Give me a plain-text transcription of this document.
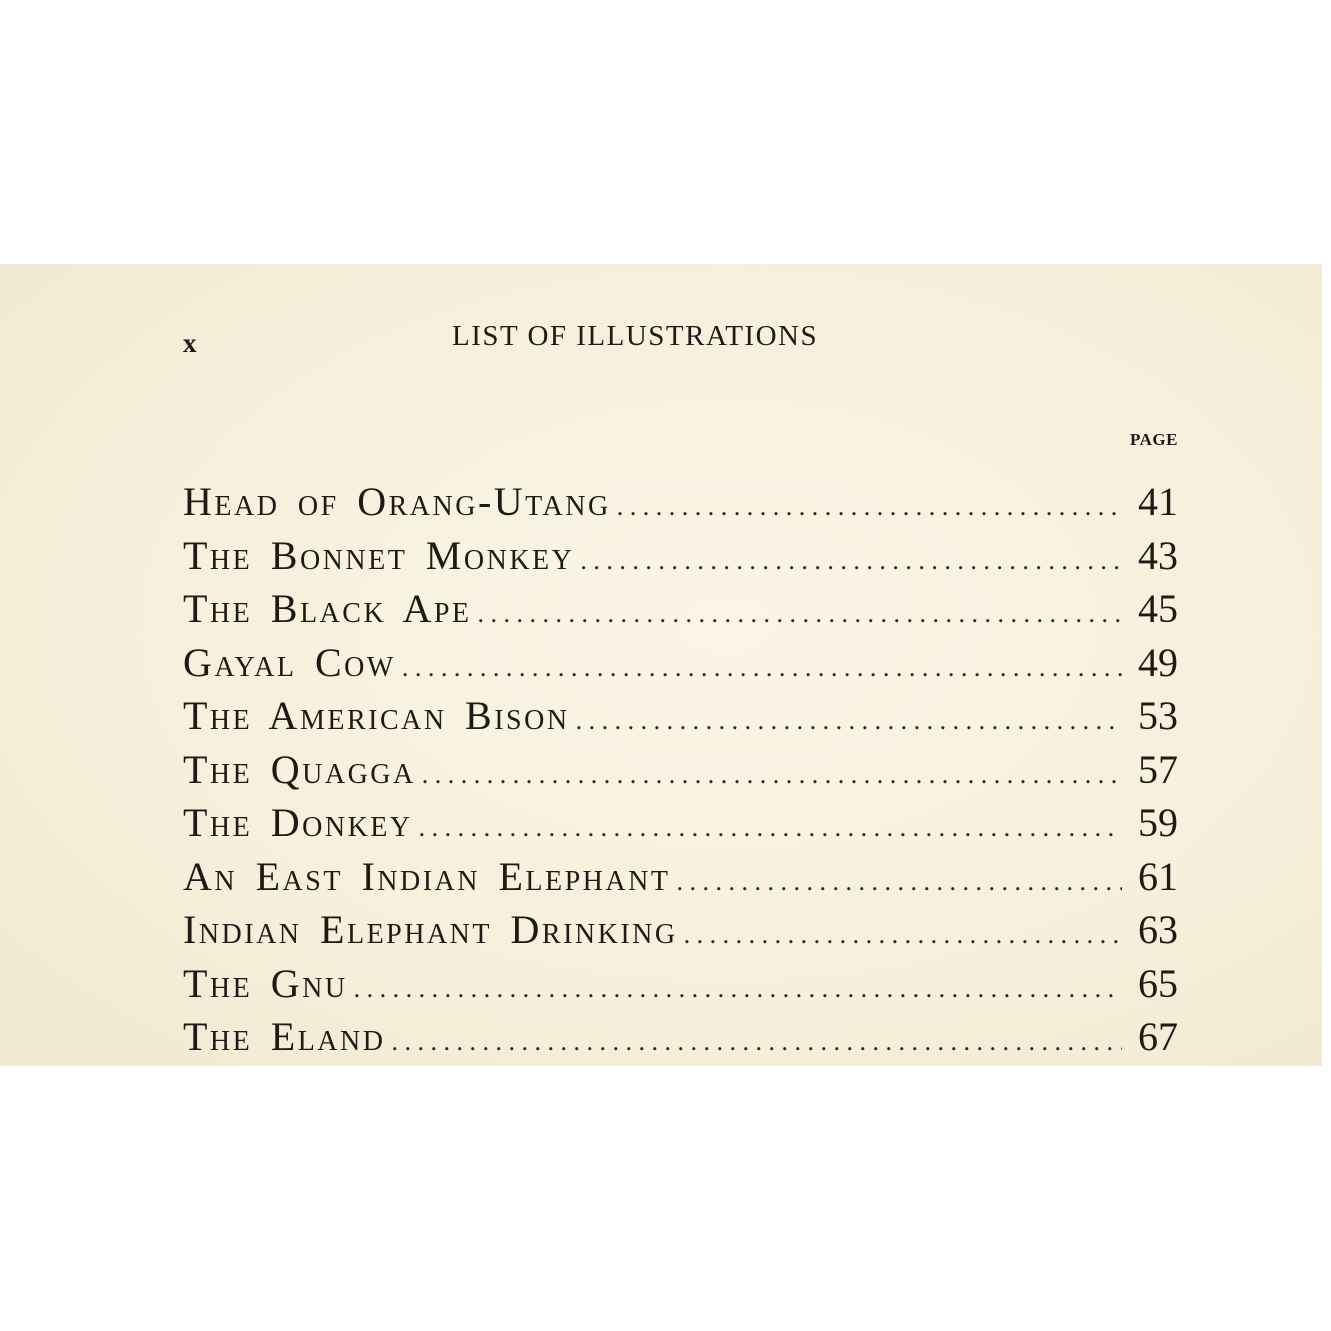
x	LIST OF ILLUSTRATIONS
PAGE
Head of Orang-Utang . . .	41
The Bonnet Monkey . . .	43
The Black Ape . . .	45
Gayal Cow . . .	49
The American Bison . . .	53
The Quagga . . .	57
The Donkey . . .	59
An East Indian Elephant . . .	61
Indian Elephant Drinking . . .	63
The Gnu . . .	65
The Eland . . .	67
